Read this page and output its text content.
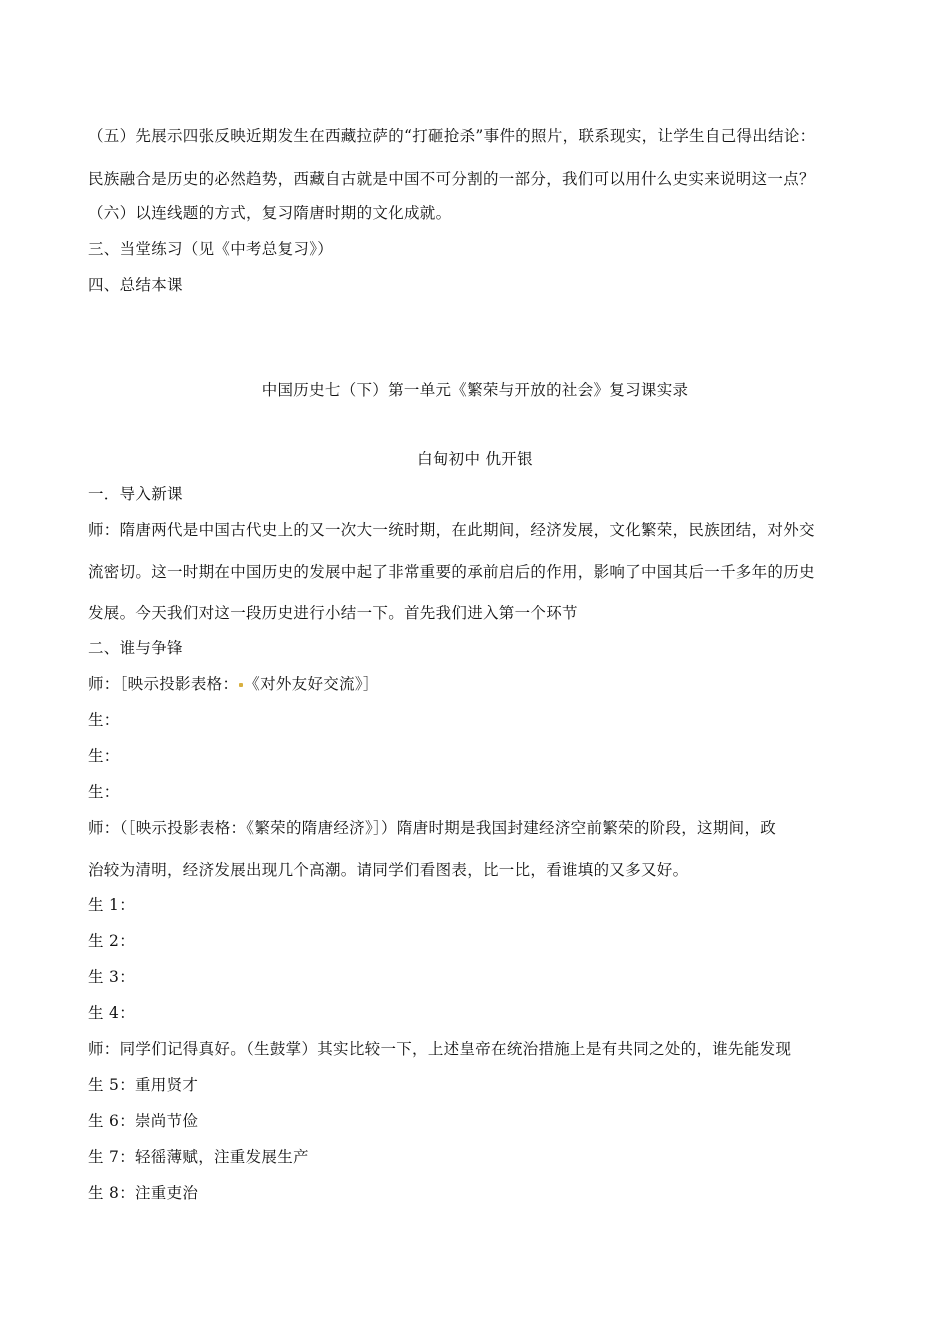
（五）先展示四张反映近期发生在西藏拉萨的“打砸抢杀”事件的照片，联系现实，让学生自己得出结论：
民族融合是历史的必然趋势，西藏自古就是中国不可分割的一部分，我们可以用什么史实来说明这一点？
（六）以连线题的方式，复习隋唐时期的文化成就。
三、当堂练习（见《中考总复习》）
四、总结本课
中国历史七（下）第一单元《繁荣与开放的社会》复习课实录
白甸初中 仇开银
一．导入新课
师：隋唐两代是中国古代史上的又一次大一统时期，在此期间，经济发展，文化繁荣，民族团结，对外交
流密切。这一时期在中国历史的发展中起了非常重要的承前启后的作用，影响了中国其后一千多年的历史
发展。今天我们对这一段历史进行小结一下。首先我们进入第一个环节
二、谁与争锋
师：［映示投影表格： 《对外友好交流》］
生：
生：
生：
师：（［映示投影表格：《繁荣的隋唐经济》］）隋唐时期是我国封建经济空前繁荣的阶段，这期间，政
治较为清明，经济发展出现几个高潮。请同学们看图表，比一比，看谁填的又多又好。
生 1：
生 2：
生 3：
生 4：
师：同学们记得真好。（生鼓掌）其实比较一下，上述皇帝在统治措施上是有共同之处的，谁先能发现
生 5：重用贤才
生 6：崇尚节俭
生 7：轻徭薄赋，注重发展生产
生 8：注重吏治
